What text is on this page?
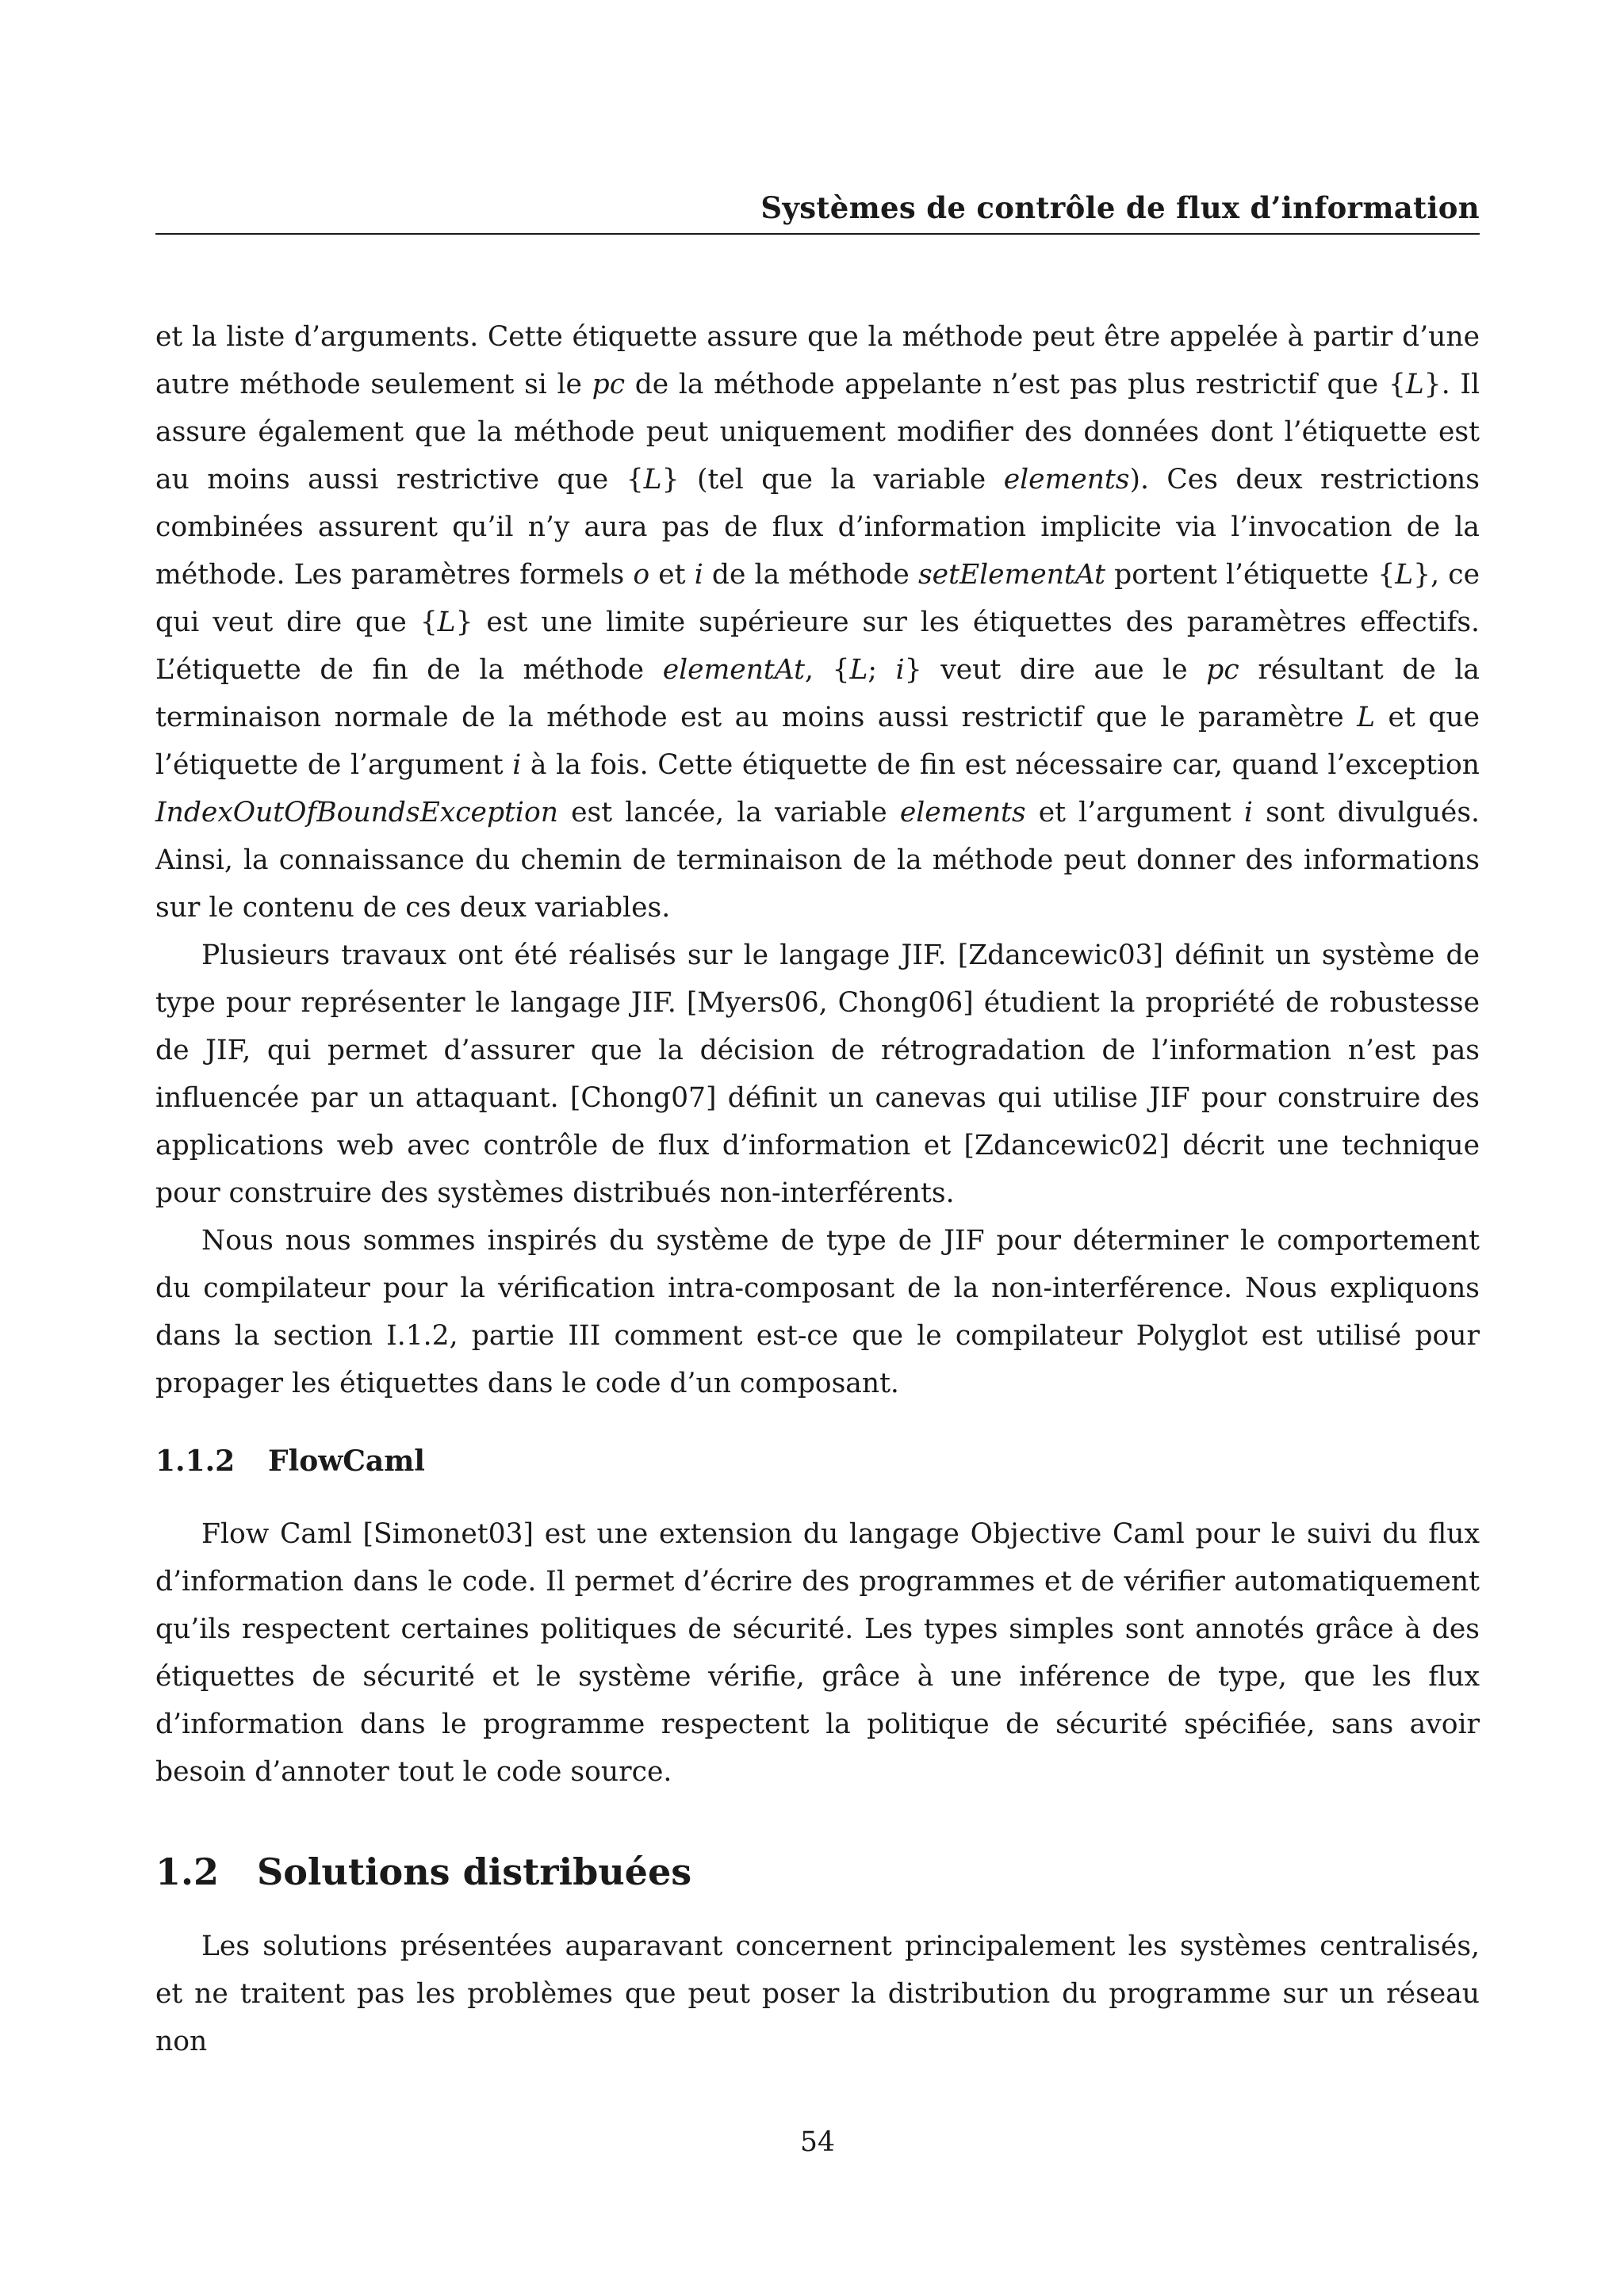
Systèmes de contrôle de flux d’information

et la liste d’arguments. Cette étiquette assure que la méthode peut être appelée à partir d’une autre méthode seulement si le pc de la méthode appelante n’est pas plus restrictif que {L}. Il assure également que la méthode peut uniquement modifier des données dont l’étiquette est au moins aussi restrictive que {L} (tel que la variable elements). Ces deux restrictions combinées assurent qu’il n’y aura pas de flux d’information implicite via l’invocation de la méthode. Les paramètres formels o et i de la méthode setElementAt portent l’étiquette {L}, ce qui veut dire que {L} est une limite supérieure sur les étiquettes des paramètres effectifs. L’étiquette de fin de la méthode elementAt, {L; i} veut dire aue le pc résultant de la terminaison normale de la méthode est au moins aussi restrictif que le paramètre L et que l’étiquette de l’argument i à la fois. Cette étiquette de fin est nécessaire car, quand l’exception IndexOutOfBoundsException est lancée, la variable elements et l’argument i sont divulgués. Ainsi, la connaissance du chemin de terminaison de la méthode peut donner des informations sur le contenu de ces deux variables.

Plusieurs travaux ont été réalisés sur le langage JIF. [Zdancewic03] définit un système de type pour représenter le langage JIF. [Myers06, Chong06] étudient la propriété de robustesse de JIF, qui permet d’assurer que la décision de rétrogradation de l’information n’est pas influencée par un attaquant. [Chong07] définit un canevas qui utilise JIF pour construire des applications web avec contrôle de flux d’information et [Zdancewic02] décrit une technique pour construire des systèmes distribués non-interférents.

Nous nous sommes inspirés du système de type de JIF pour déterminer le comportement du compilateur pour la vérification intra-composant de la non-interférence. Nous expliquons dans la section I.1.2, partie III comment est-ce que le compilateur Polyglot est utilisé pour propager les étiquettes dans le code d’un composant.

1.1.2 FlowCaml

Flow Caml [Simonet03] est une extension du langage Objective Caml pour le suivi du flux d’information dans le code. Il permet d’écrire des programmes et de vérifier automatiquement qu’ils respectent certaines politiques de sécurité. Les types simples sont annotés grâce à des étiquettes de sécurité et le système vérifie, grâce à une inférence de type, que les flux d’information dans le programme respectent la politique de sécurité spécifiée, sans avoir besoin d’annoter tout le code source.

1.2 Solutions distribuées

Les solutions présentées auparavant concernent principalement les systèmes centralisés, et ne traitent pas les problèmes que peut poser la distribution du programme sur un réseau non

54
